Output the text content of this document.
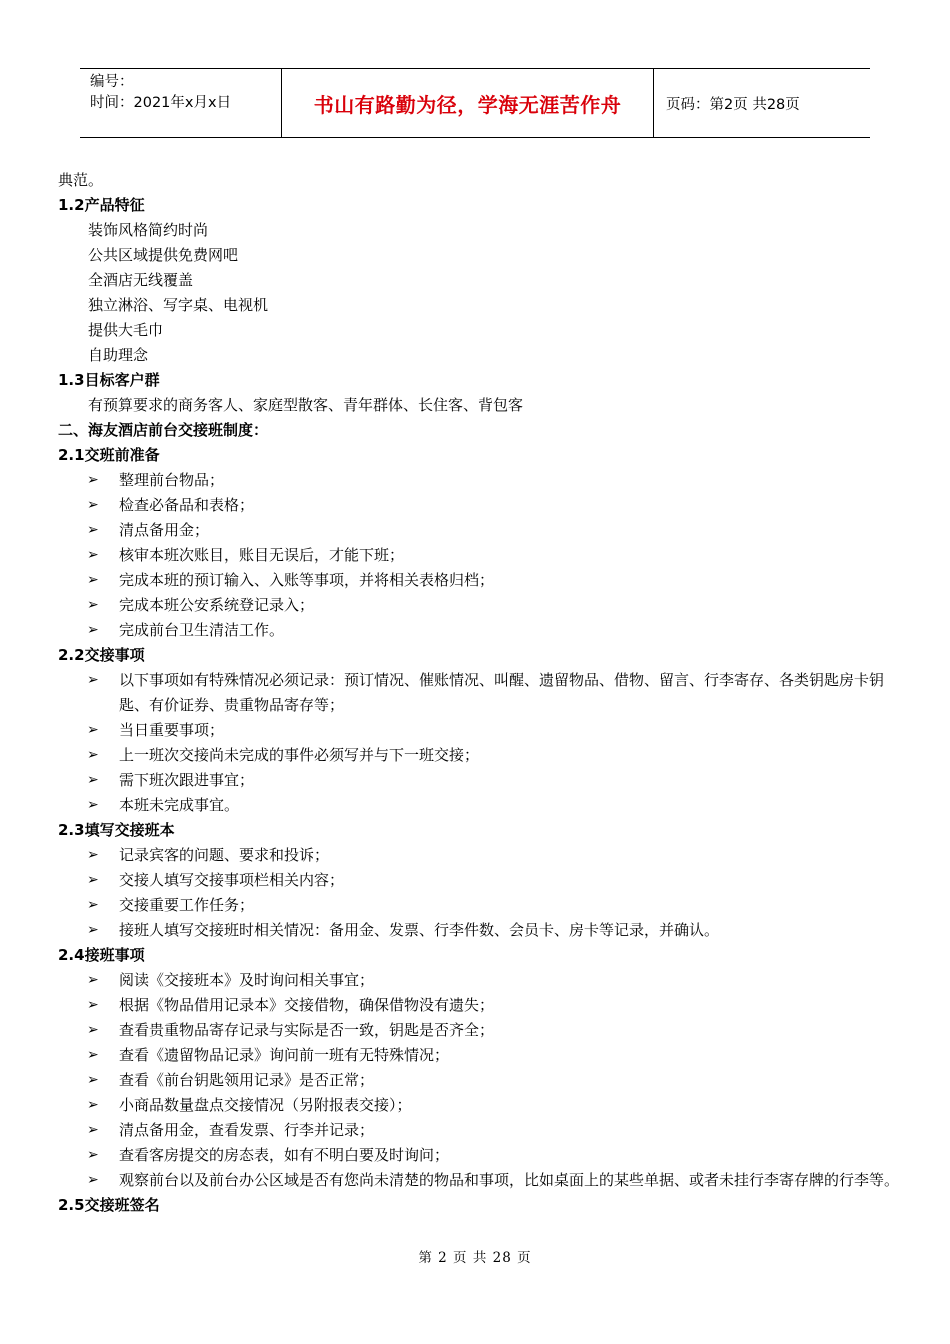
编号：
时间：2021年x月x日	书山有路勤为径，学海无涯苦作舟	页码：第2页 共28页
典范。
1.2产品特征
装饰风格简约时尚
公共区域提供免费网吧
全酒店无线覆盖
独立淋浴、写字桌、电视机
提供大毛巾
自助理念
1.3目标客户群
有预算要求的商务客人、家庭型散客、青年群体、长住客、背包客
二、海友酒店前台交接班制度：
2.1交班前准备
➢ 整理前台物品；
➢ 检查必备品和表格；
➢ 清点备用金；
➢ 核审本班次账目，账目无误后，才能下班；
➢ 完成本班的预订输入、入账等事项，并将相关表格归档；
➢ 完成本班公安系统登记录入；
➢ 完成前台卫生清洁工作。
2.2交接事项
➢ 以下事项如有特殊情况必须记录：预订情况、催账情况、叫醒、遗留物品、借物、留言、行李寄存、各类钥匙房卡钥匙、有价证券、贵重物品寄存等；
➢ 当日重要事项；
➢ 上一班次交接尚未完成的事件必须写并与下一班交接；
➢ 需下班次跟进事宜；
➢ 本班未完成事宜。
2.3填写交接班本
➢ 记录宾客的问题、要求和投诉；
➢ 交接人填写交接事项栏相关内容；
➢ 交接重要工作任务；
➢ 接班人填写交接班时相关情况：备用金、发票、行李件数、会员卡、房卡等记录，并确认。
2.4接班事项
➢ 阅读《交接班本》及时询问相关事宜；
➢ 根据《物品借用记录本》交接借物，确保借物没有遗失；
➢ 查看贵重物品寄存记录与实际是否一致，钥匙是否齐全；
➢ 查看《遗留物品记录》询问前一班有无特殊情况；
➢ 查看《前台钥匙领用记录》是否正常；
➢ 小商品数量盘点交接情况（另附报表交接）；
➢ 清点备用金，查看发票、行李并记录；
➢ 查看客房提交的房态表，如有不明白要及时询问；
➢ 观察前台以及前台办公区域是否有您尚未清楚的物品和事项，比如桌面上的某些单据、或者未挂行李寄存牌的行李等。
2.5交接班签名
第 2 页 共 28 页
